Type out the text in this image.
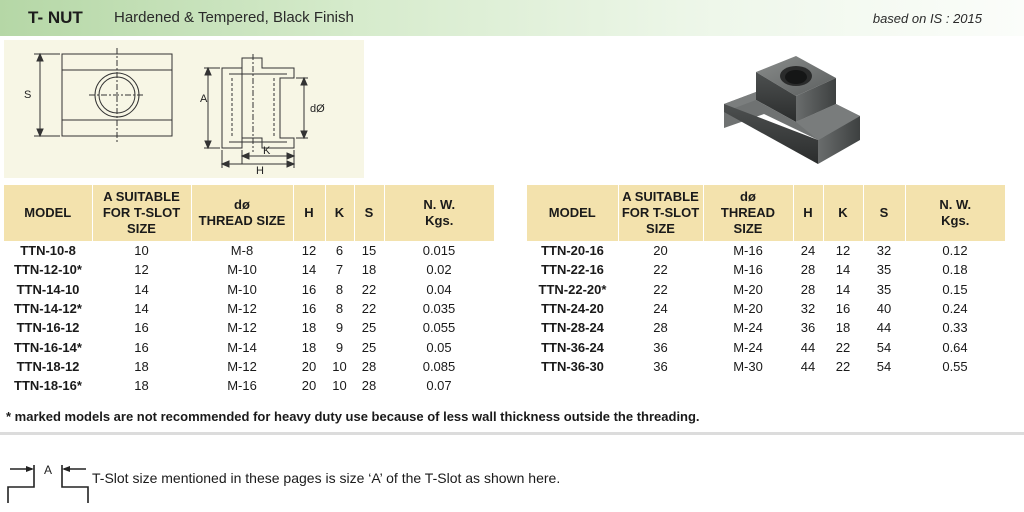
T- NUT Hardened & Tempered, Black Finish	based on IS : 2015
S	A
dØ
K
H
MODEL	A SUITABLE
FOR T-SLOT
SIZE	dø
THREAD SIZE	H	K	S	N. W.
Kgs.
TTN-10-8	10	M-8	12	6	15	0.015
TTN-12-10*	12	M-10	14	7	18	0.02
TTN-14-10	14	M-10	16	8	22	0.04
TTN-14-12*	14	M-12	16	8	22	0.035
TTN-16-12	16	M-12	18	9	25	0.055
TTN-16-14*	16	M-14	18	9	25	0.05
TTN-18-12	18	M-12	20	10	28	0.085
TTN-18-16*	18	M-16	20	10	28	0.07
MODEL	A SUITABLE
FOR T-SLOT
SIZE	dø
THREAD
SIZE	H	K	S	N. W.
Kgs.
TTN-20-16	20	M-16	24	12	32	0.12
TTN-22-16	22	M-16	28	14	35	0.18
TTN-22-20*	22	M-20	28	14	35	0.15
TTN-24-20	24	M-20	32	16	40	0.24
TTN-28-24	28	M-24	36	18	44	0.33
TTN-36-24	36	M-24	44	22	54	0.64
TTN-36-30	36	M-30	44	22	54	0.55
* marked models are not recommended for heavy duty use because of less wall thickness outside the threading.
A	T-Slot size mentioned in these pages is size ‘A’ of the T-Slot as shown here.
